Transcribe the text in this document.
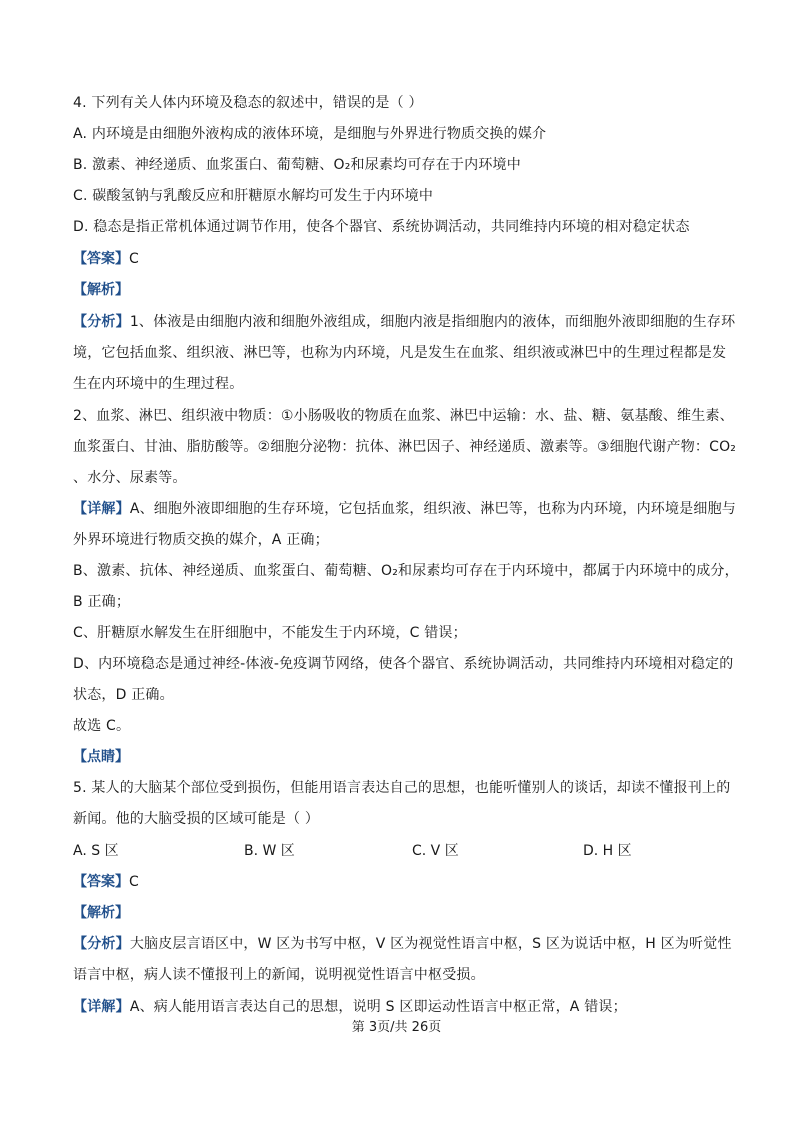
4. 下列有关人体内环境及稳态的叙述中，错误的是（ ）
A. 内环境是由细胞外液构成的液体环境，是细胞与外界进行物质交换的媒介
B. 激素、神经递质、血浆蛋白、葡萄糖、O₂和尿素均可存在于内环境中
C. 碳酸氢钠与乳酸反应和肝糖原水解均可发生于内环境中
D. 稳态是指正常机体通过调节作用，使各个器官、系统协调活动，共同维持内环境的相对稳定状态
【答案】C
【解析】
【分析】1、体液是由细胞内液和细胞外液组成，细胞内液是指细胞内的液体，而细胞外液即细胞的生存环
境，它包括血浆、组织液、淋巴等，也称为内环境，凡是发生在血浆、组织液或淋巴中的生理过程都是发
生在内环境中的生理过程。
2、血浆、淋巴、组织液中物质：①小肠吸收的物质在血浆、淋巴中运输：水、盐、糖、氨基酸、维生素、
血浆蛋白、甘油、脂肪酸等。②细胞分泌物：抗体、淋巴因子、神经递质、激素等。③细胞代谢产物：CO₂
、水分、尿素等。
【详解】A、细胞外液即细胞的生存环境，它包括血浆，组织液、淋巴等，也称为内环境，内环境是细胞与
外界环境进行物质交换的媒介，A 正确；
B、激素、抗体、神经递质、血浆蛋白、葡萄糖、O₂和尿素均可存在于内环境中，都属于内环境中的成分，
B 正确；
C、肝糖原水解发生在肝细胞中，不能发生于内环境，C 错误；
D、内环境稳态是通过神经-体液-免疫调节网络，使各个器官、系统协调活动，共同维持内环境相对稳定的
状态，D 正确。
故选 C。
【点睛】
5. 某人的大脑某个部位受到损伤，但能用语言表达自己的思想，也能听懂别人的谈话，却读不懂报刊上的
新闻。他的大脑受损的区域可能是（ ）
A. S 区	B. W 区	C. V 区	D. H 区
【答案】C
【解析】
【分析】大脑皮层言语区中，W 区为书写中枢，V 区为视觉性语言中枢，S 区为说话中枢，H 区为听觉性
语言中枢，病人读不懂报刊上的新闻，说明视觉性语言中枢受损。
【详解】A、病人能用语言表达自己的思想，说明 S 区即运动性语言中枢正常，A 错误；
第 3页/共 26页
